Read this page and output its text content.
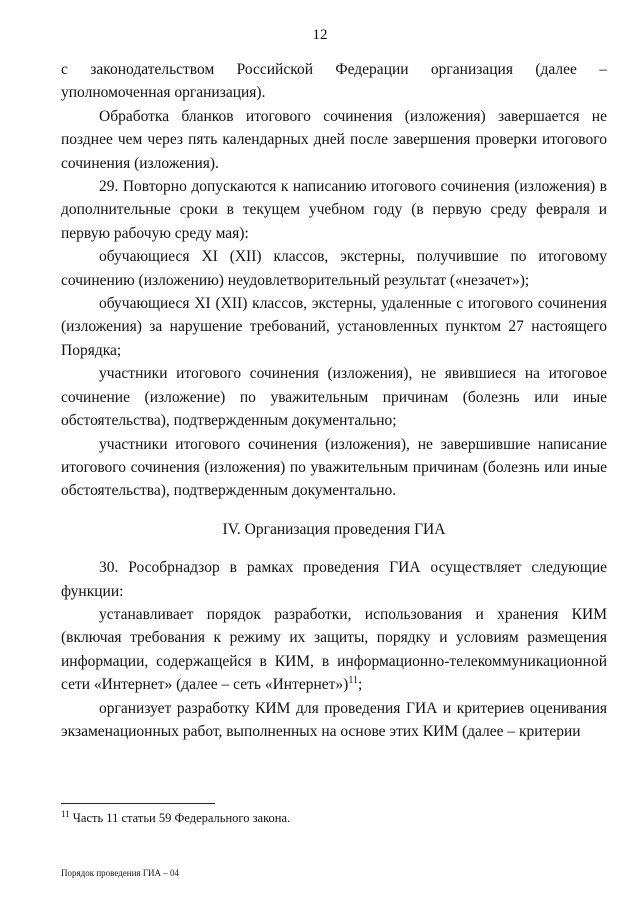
12

с законодательством Российской Федерации организация (далее – уполномоченная организация).

Обработка бланков итогового сочинения (изложения) завершается не позднее чем через пять календарных дней после завершения проверки итогового сочинения (изложения).

29. Повторно допускаются к написанию итогового сочинения (изложения) в дополнительные сроки в текущем учебном году (в первую среду февраля и первую рабочую среду мая):

обучающиеся XI (XII) классов, экстерны, получившие по итоговому сочинению (изложению) неудовлетворительный результат («незачет»);

обучающиеся XI (XII) классов, экстерны, удаленные с итогового сочинения (изложения) за нарушение требований, установленных пунктом 27 настоящего Порядка;

участники итогового сочинения (изложения), не явившиеся на итоговое сочинение (изложение) по уважительным причинам (болезнь или иные обстоятельства), подтвержденным документально;

участники итогового сочинения (изложения), не завершившие написание итогового сочинения (изложения) по уважительным причинам (болезнь или иные обстоятельства), подтвержденным документально.

IV. Организация проведения ГИА

30. Рособрнадзор в рамках проведения ГИА осуществляет следующие функции:

устанавливает порядок разработки, использования и хранения КИМ (включая требования к режиму их защиты, порядку и условиям размещения информации, содержащейся в КИМ, в информационно-телекоммуникационной сети «Интернет» (далее – сеть «Интернет»)$^{11}$;

организует разработку КИМ для проведения ГИА и критериев оценивания экзаменационных работ, выполненных на основе этих КИМ (далее – критерии

$^{11}$ Часть 11 статьи 59 Федерального закона.
Порядок проведения ГИА – 04
